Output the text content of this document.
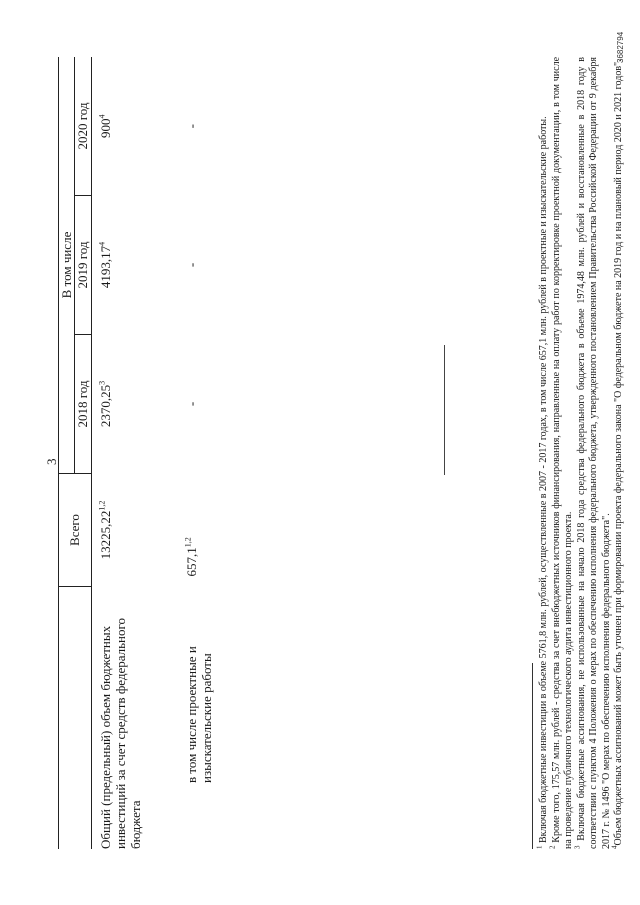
3
	Всего	В том числе		
		2018 год	2019 год	2020 год
Общий (предельный) объем бюджетных инвестиций за счет средств федерального бюджета	13225,22$^{1,2}$	2370,25$^3$	4193,17$^4$	$900^4$
в том числе проектные и изыскательские работы	657,1$^{1,2}$	-	-	-

$^1$ Включая бюджетные инвестиции в объеме 5761,8 млн. рублей, осуществленные в 2007 - 2017 годах, в том числе 657,1 млн. рублей в проектные и изыскательские работы.

$^2$ Кроме того, 175,57 млн. рублей - средства за счет внебюджетных источников финансирования, направленные на оплату работ по корректировке проектной документации, в том числе на проведение публичного технологического аудита инвестиционного проекта. $^3$ Включая бюджетные ассигнования, не использованные на начало 2018 года средства федерального бюджета в объеме 1974,48 млн. рублей и восстановленные в 2018 году в соответствии с пунктом 4 Положения о мерах по обеспечению исполнения федерального бюджета, утвержденного постановлением Правительства Российской Федерации от 9 декабря 2017 г. № 1496 "О мерах по обеспечению исполнения федерального бюджета". $^4$Объем бюджетных ассигнований может быть уточнен при формировании проекта федерального закона "О федеральном бюджете на 2019 год и на плановый период 2020 и 2021 годов".

3682794
